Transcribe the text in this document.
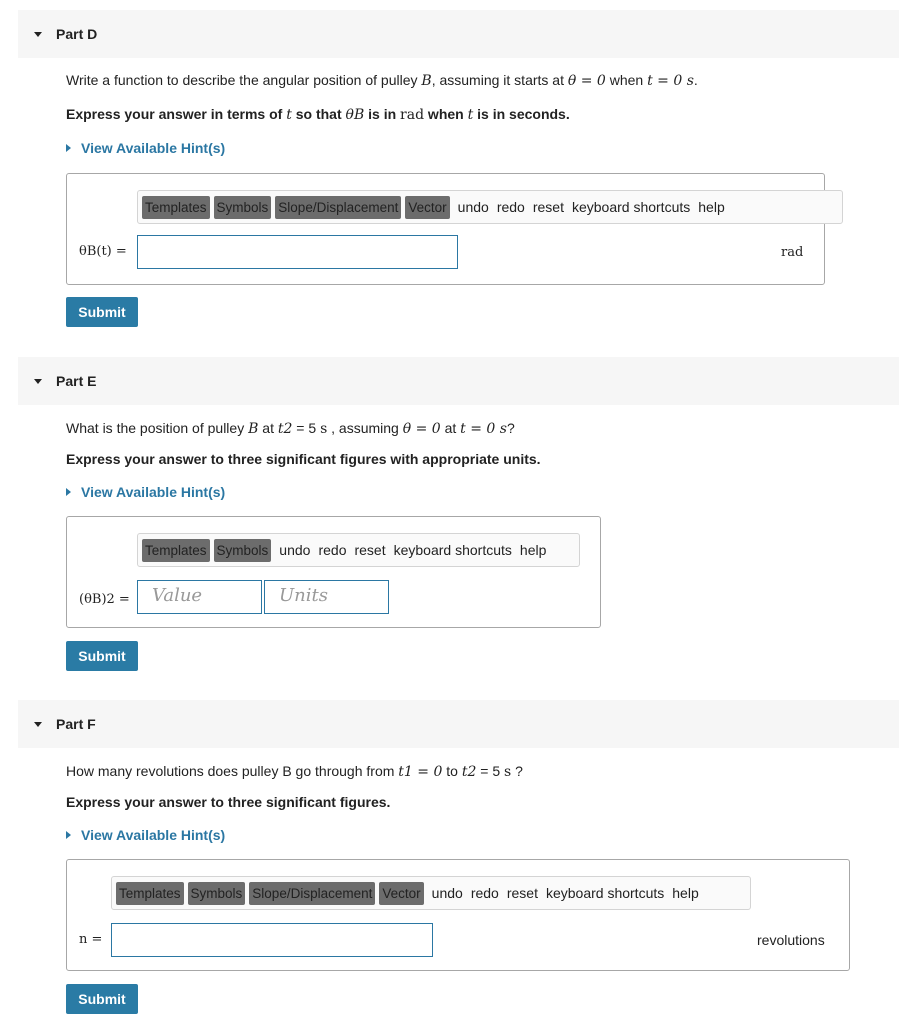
Part D
Write a function to describe the angular position of pulley B, assuming it starts at θ = 0 when t = 0 s.
Express your answer in terms of t so that θB is in rad when t is in seconds.
View Available Hint(s)
Templates Symbols Slope/Displacement Vector undo redo reset keyboard shortcuts help
θB(t) =	rad
Submit
Part E
What is the position of pulley B at t2 = 5 s , assuming θ = 0 at t = 0 s?
Express your answer to three significant figures with appropriate units.
View Available Hint(s)
Templates Symbols undo redo reset keyboard shortcuts help
(θB)2 =	Value	Units
Submit
Part F
How many revolutions does pulley B go through from t1 = 0 to t2 = 5 s ?
Express your answer to three significant figures.
View Available Hint(s)
Templates Symbols Slope/Displacement Vector undo redo reset keyboard shortcuts help
n =	revolutions
Submit
